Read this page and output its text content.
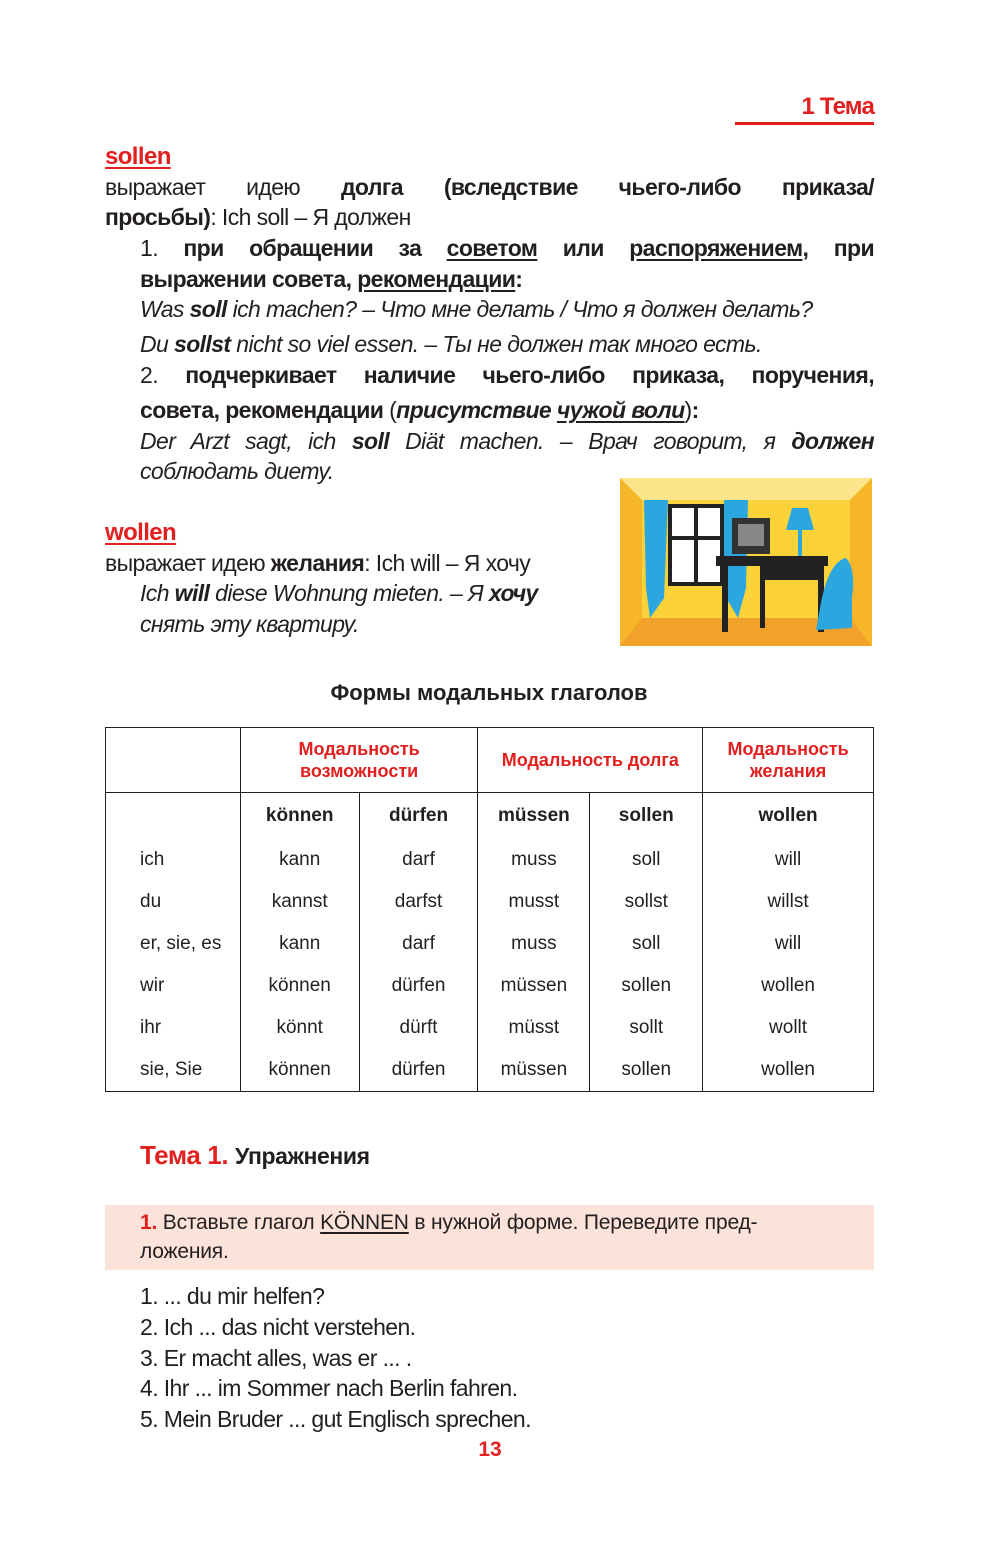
1 Тема
sollen
выражает идею долга (вследствие чьего-либо приказа/
просьбы): Ich soll – Я должен
1. при обращении за советом или распоряжением, при
выражении совета, рекомендации:
Was soll ich machen? – Что мне делать / Что я должен делать?
Du sollst nicht so viel essen. – Ты не должен так много есть.
2. подчеркивает наличие чьего-либо приказа, поручения,
совета, рекомендации (присутствие чужой воли):
Der Arzt sagt, ich soll Diät machen. – Врач говорит, я должен
соблюдать диету.
wollen
выражает идею желания: Ich will – Я хочу
Ich will diese Wohnung mieten. – Я хочу
снять эту квартиру.
Формы модальных глаголов
	Модальность возможности		Модальность долга		Модальность желания
	können	dürfen	müssen	sollen	wollen
ich	kann	darf	muss	soll	will
du	kannst	darfst	musst	sollst	willst
er, sie, es	kann	darf	muss	soll	will
wir	können	dürfen	müssen	sollen	wollen
ihr	könnt	dürft	müsst	sollt	wollt
sie, Sie	können	dürfen	müssen	sollen	wollen
Тема 1. Упражнения
1. Вставьте глагол KÖNNEN в нужной форме. Переведите пред-
ложения.
1. ... du mir helfen?
2. Ich ... das nicht verstehen.
3. Er macht alles, was er ... .
4. Ihr ... im Sommer nach Berlin fahren.
5. Mein Bruder ... gut Englisch sprechen.
13
